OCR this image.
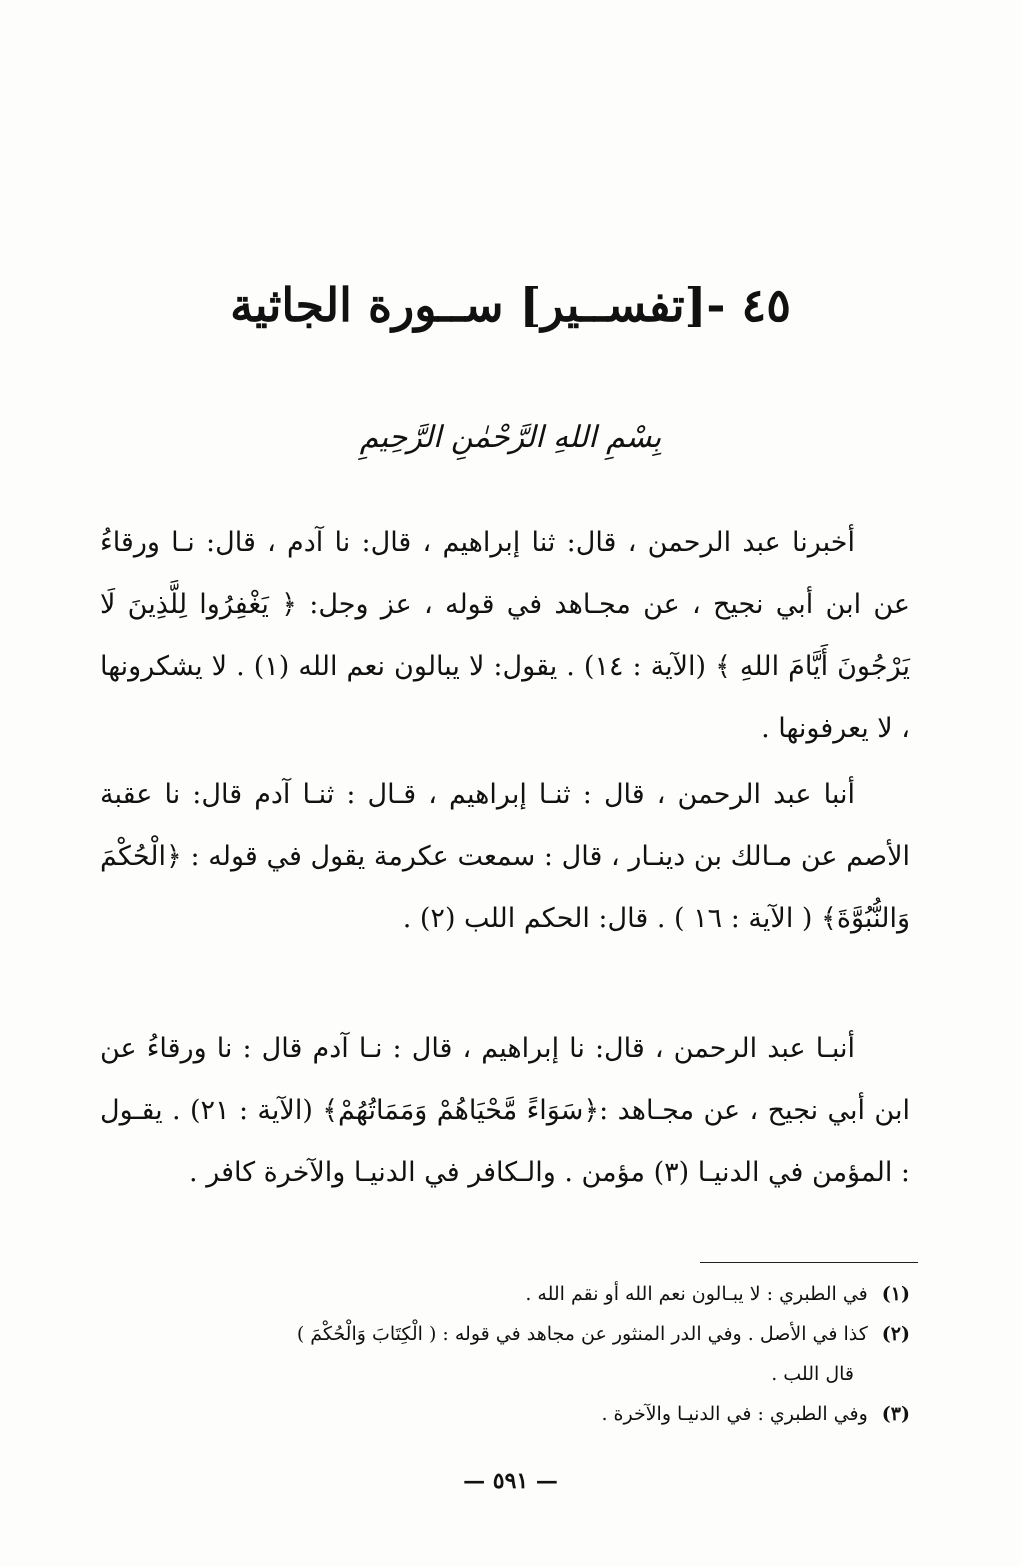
٤٥ -[تفســير] ســورة الجاثية
بِسْمِ اللهِ الرَّحْمٰنِ الرَّحِيمِ
أخبرنا عبد الرحمن ، قال: ثنا إبراهيم ، قال: نا آدم ، قال: نـا ورقاءُ عن ابن أبي نجيح ، عن مجـاهد في قوله ، عز وجل: ﴿ يَغْفِرُوا لِلَّذِينَ لَا يَرْجُونَ أَيَّامَ اللهِ ﴾ (الآية : ١٤) . يقول: لا يبالون نعم الله (١) . لا يشكرونها ، لا يعرفونها .
أنبا عبد الرحمن ، قال : ثنـا إبراهيم ، قـال : ثنـا آدم قال: نا عقبة الأصم عن مـالك بن دينـار ، قال : سمعت عكرمة يقول في قوله : ﴿الْحُكْمَ وَالنُّبُوَّةَ﴾ ( الآية : ١٦ ) . قال: الحكم اللب (٢) .
أنبـا عبد الرحمن ، قال: نا إبراهيم ، قال : نـا آدم قال : نا ورقاءُ عن ابن أبي نجيح ، عن مجـاهد :﴿سَوَاءً مَّحْيَاهُمْ وَمَمَاتُهُمْ﴾ (الآية : ٢١) . يقـول : المؤمن في الدنيـا (٣) مؤمن . والـكافر في الدنيـا والآخرة كافر .

(١)في الطبري : لا يبـالون نعم الله أو نقم الله .

(٢)كذا في الأصل . وفي الدر المنثور عن مجاهد في قوله : ( الْكِتَابَ وَالْحُكْمَ )

قال اللب .

(٣)وفي الطبري : في الدنيـا والآخرة .

— ٥٩١ —
